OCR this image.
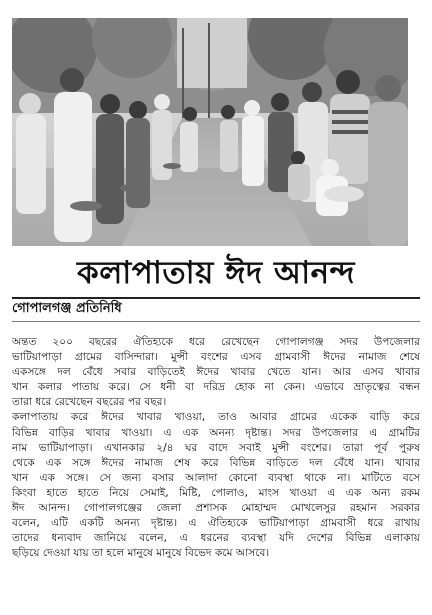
কলাপাতায় ঈদ আনন্দ
গোপালগঞ্জ প্রতিনিধি
অন্তত ২০০ বছরের ঐতিহ্যকে ধরে রেখেছেন গোপালগঞ্জ সদর উপজেলার
ভাটিয়াপাড়া গ্রামের বাসিন্দারা। মুন্সী বংশের এসব গ্রামবাসী ঈদের নামাজ শেষে
একসঙ্গে দল বেঁধে সবার বাড়িতেই ঈদের খাবার খেতে যান। আর এসব খাবার
খান কলার পাতায় করে। সে ধনী বা দরিদ্র হোক না কেন। এভাবে ভ্রাতৃত্বের বন্ধন
তারা ধরে রেখেছেন বছরের পর বছর।
কলাপাতায় করে ঈদের খাবার খাওয়া, তাও আবার গ্রামের একেক বাড়ি করে
বিভিন্ন বাড়ির খাবার খাওয়া। এ এক অনন্য দৃষ্টান্ত। সদর উপজেলার এ গ্রামটির
নাম ভাটিয়াপাড়া। এখানকার ২/৪ ঘর বাদে সবাই মুন্সী বংশের। তারা পূর্ব পুরুষ
থেকে এক সঙ্গে ঈদের নামাজ শেষ করে বিভিন্ন বাড়িতে দল বেঁধে যান। খাবার
খান এক সঙ্গে। সে জন্য বসার আলাদা কোনো ব্যবস্থা থাকে না। মাটিতে বসে
কিংবা হাতে হাতে নিয়ে সেমাই, মিষ্টি, পোলাও, মাংস খাওয়া এ এক অন্য রকম
ঈদ আনন্দ। গোপালগঞ্জের জেলা প্রশাসক মোহাম্মদ মোখলেসুর রহমান সরকার
বলেন, এটি একটি অনন্য দৃষ্টান্ত। এ ঐতিহ্যকে ভাটিয়াপাড়া গ্রামবাসী ধরে রাখায়
তাদের ধন্যবাদ জানিয়ে বলেন, এ ধরনের ব্যবস্থা যদি দেশের বিভিন্ন এলাকায়
ছড়িয়ে দেওয়া যায় তা হলে মানুষে মানুষে বিভেদ কমে আসবে।
